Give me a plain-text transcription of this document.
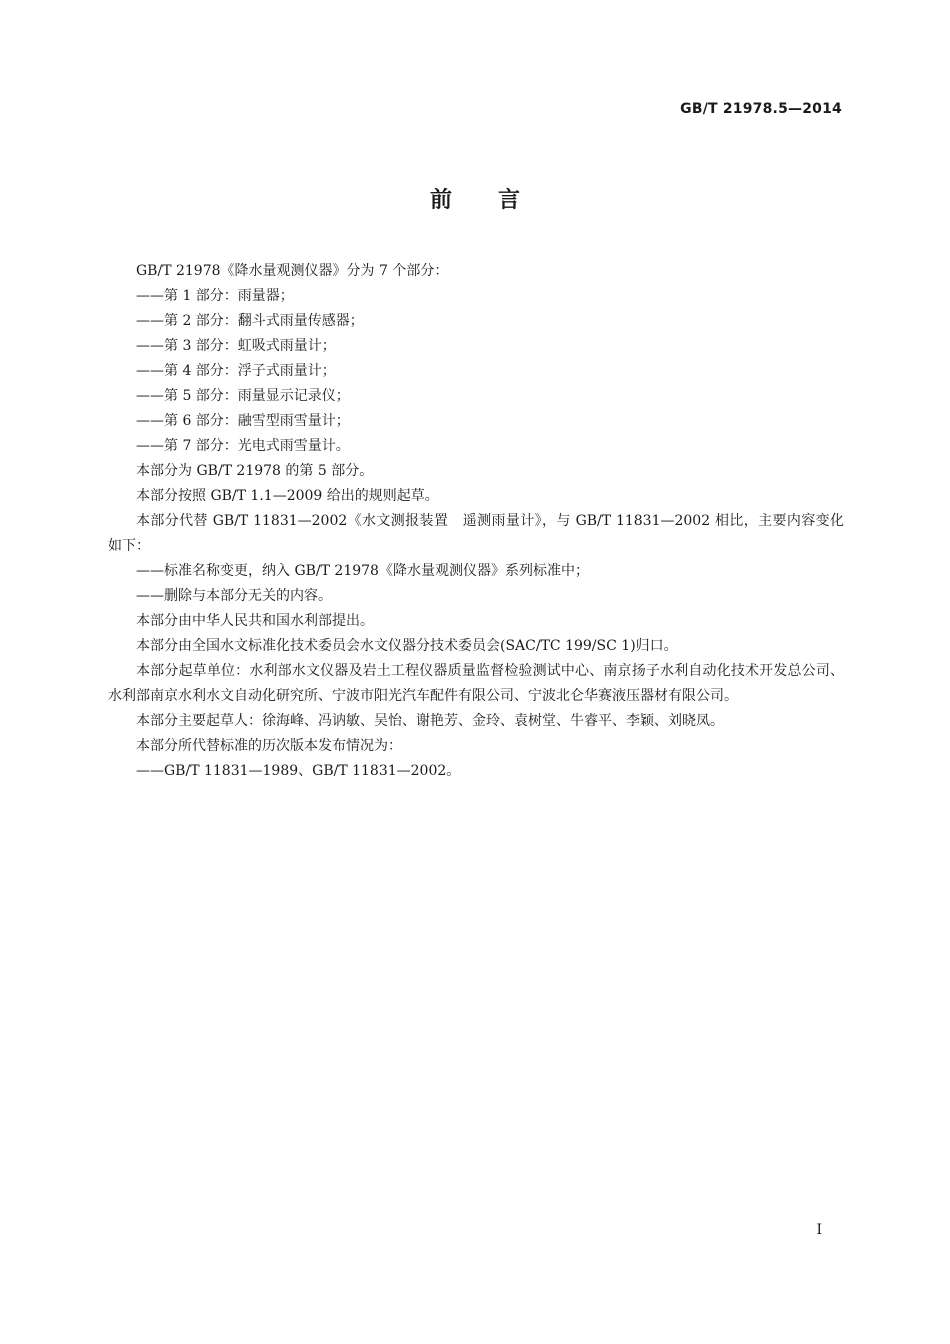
GB/T 21978.5—2014
前言

GB/T 21978《降水量观测仪器》分为 7 个部分：

——第 1 部分：雨量器；

——第 2 部分：翻斗式雨量传感器；

——第 3 部分：虹吸式雨量计；

——第 4 部分：浮子式雨量计；

——第 5 部分：雨量显示记录仪；

——第 6 部分：融雪型雨雪量计；

——第 7 部分：光电式雨雪量计。

本部分为 GB/T 21978 的第 5 部分。

本部分按照 GB/T 1.1—2009 给出的规则起草。

本部分代替 GB/T 11831—2002《水文测报装置　遥测雨量计》，与 GB/T 11831—2002 相比，主要内容变化如下：

——标准名称变更，纳入 GB/T 21978《降水量观测仪器》系列标准中；

——删除与本部分无关的内容。

本部分由中华人民共和国水利部提出。

本部分由全国水文标准化技术委员会水文仪器分技术委员会(SAC/TC 199/SC 1)归口。

本部分起草单位：水利部水文仪器及岩土工程仪器质量监督检验测试中心、南京扬子水利自动化技术开发总公司、水利部南京水利水文自动化研究所、宁波市阳光汽车配件有限公司、宁波北仑华赛液压器材有限公司。

本部分主要起草人：徐海峰、冯讷敏、吴怡、谢艳芳、金玲、袁树堂、牛睿平、李颖、刘晓凤。

本部分所代替标准的历次版本发布情况为：

——GB/T 11831—1989、GB/T 11831—2002。

I
